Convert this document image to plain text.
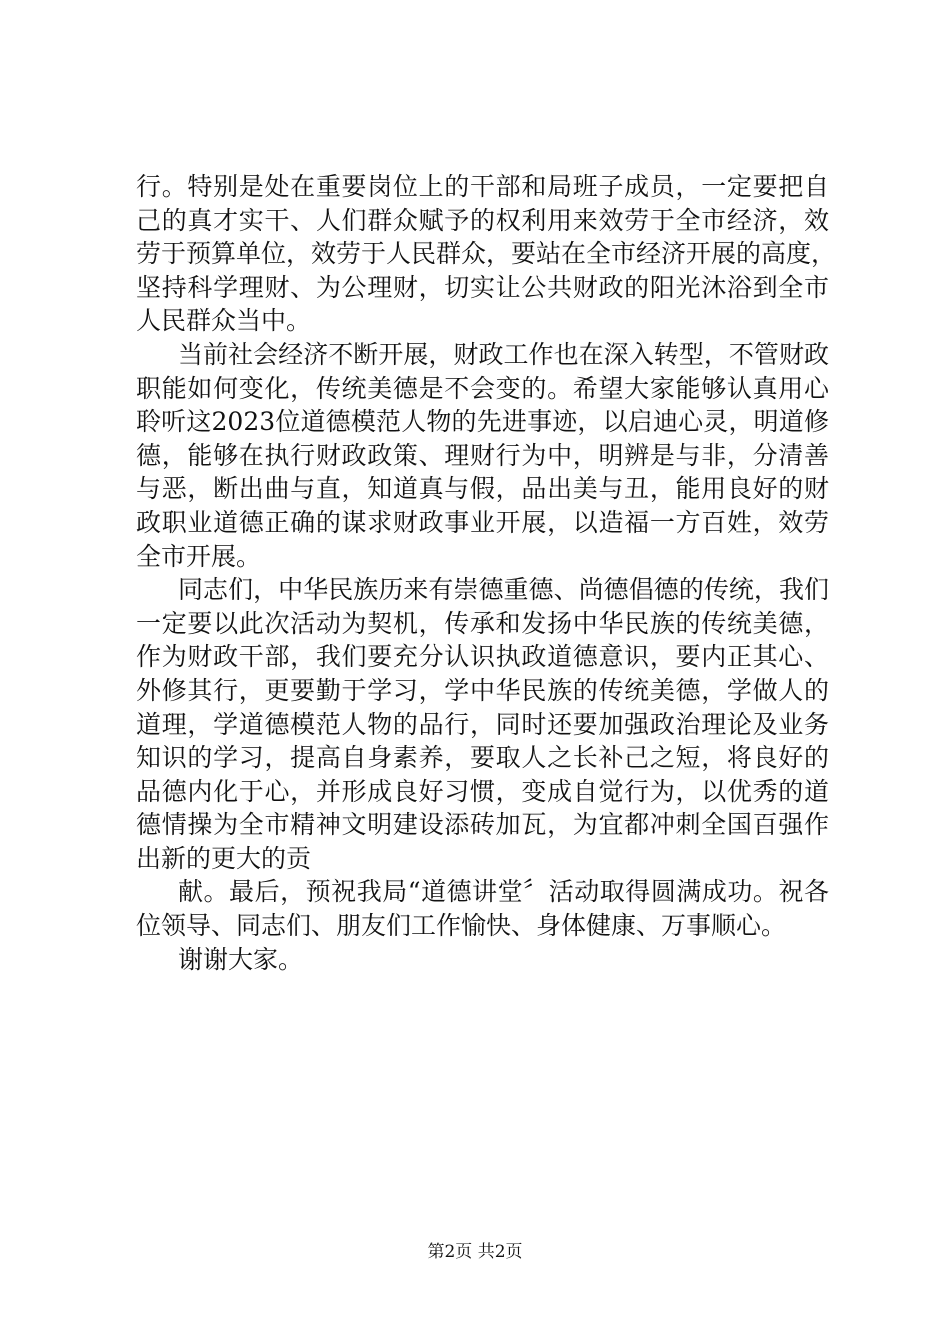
行。特别是处在重要岗位上的干部和局班子成员，一定要把自
己的真才实干、人们群众赋予的权利用来效劳于全市经济，效
劳于预算单位，效劳于人民群众，要站在全市经济开展的高度，
坚持科学理财、为公理财，切实让公共财政的阳光沐浴到全市
人民群众当中。
当前社会经济不断开展，财政工作也在深入转型，不管财政
职能如何变化，传统美德是不会变的。希望大家能够认真用心
聆听这2023位道德模范人物的先进事迹，以启迪心灵，明道修
德，能够在执行财政政策、理财行为中，明辨是与非，分清善
与恶，断出曲与直，知道真与假，品出美与丑，能用良好的财
政职业道德正确的谋求财政事业开展，以造福一方百姓，效劳
全市开展。
同志们，中华民族历来有崇德重德、尚德倡德的传统，我们
一定要以此次活动为契机，传承和发扬中华民族的传统美德，
作为财政干部，我们要充分认识执政道德意识，要内正其心、
外修其行，更要勤于学习，学中华民族的传统美德，学做人的
道理，学道德模范人物的品行，同时还要加强政治理论及业务
知识的学习，提高自身素养，要取人之长补己之短，将良好的
品德内化于心，并形成良好习惯，变成自觉行为，以优秀的道
德情操为全市精神文明建设添砖加瓦，为宜都冲刺全国百强作
出新的更大的贡
献。最后，预祝我局“道德讲堂〞活动取得圆满成功。祝各
位领导、同志们、朋友们工作愉快、身体健康、万事顺心。
谢谢大家。
第2页 共2页
